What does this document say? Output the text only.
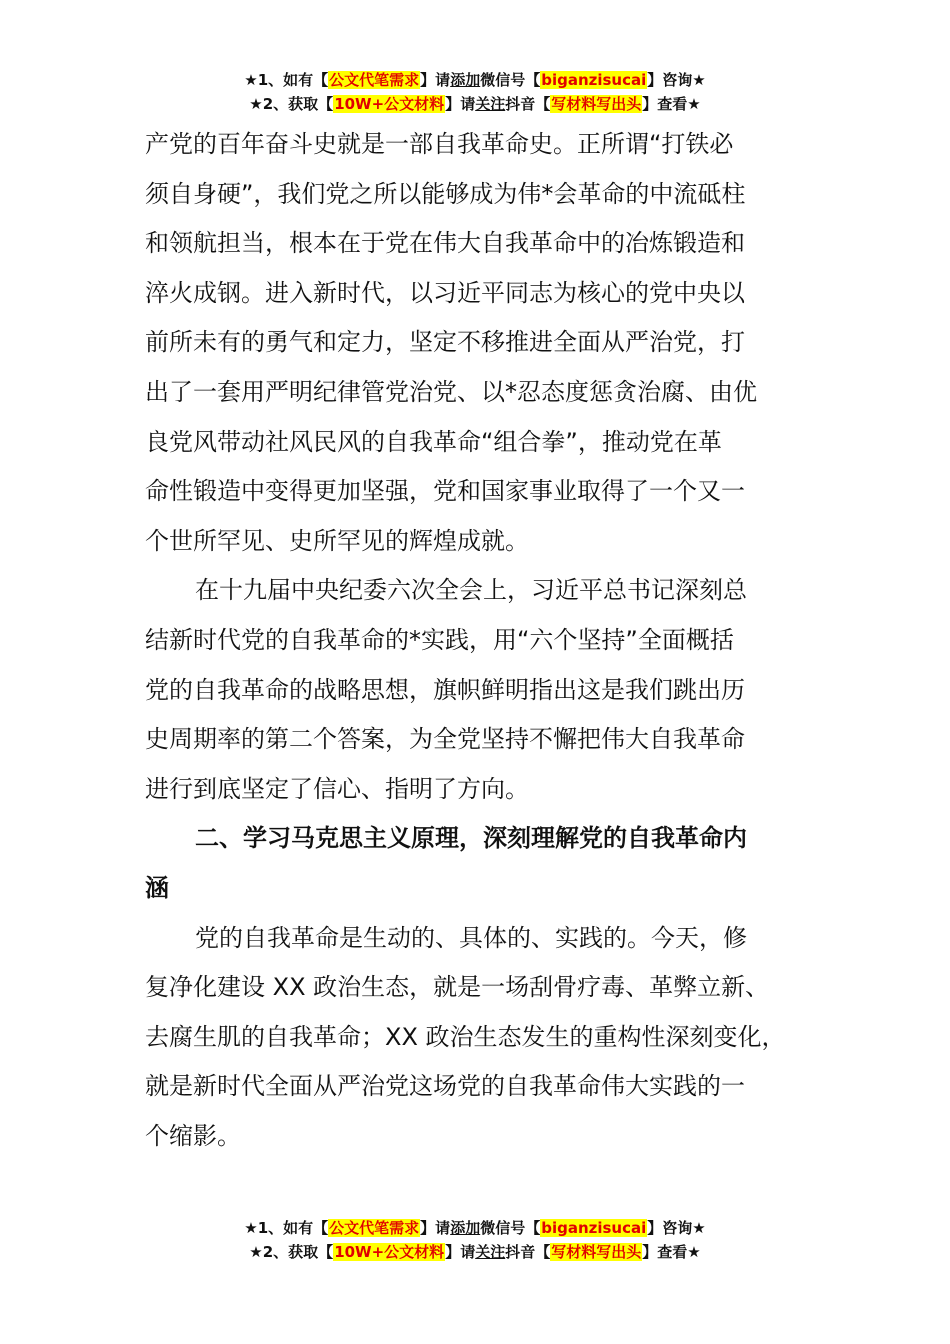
★1、如有【公文代笔需求】请添加微信号【biganzisucai】咨询★
★2、获取【10W+公文材料】请关注抖音【写材料写出头】查看★
产党的百年奋斗史就是一部自我革命史。正所谓“打铁必
须自身硬”，我们党之所以能够成为伟*会革命的中流砥柱
和领航担当，根本在于党在伟大自我革命中的冶炼锻造和
淬火成钢。进入新时代，以习近平同志为核心的党中央以
前所未有的勇气和定力，坚定不移推进全面从严治党，打
出了一套用严明纪律管党治党、以*忍态度惩贪治腐、由优
良党风带动社风民风的自我革命“组合拳”，推动党在革
命性锻造中变得更加坚强，党和国家事业取得了一个又一
个世所罕见、史所罕见的辉煌成就。
在十九届中央纪委六次全会上，习近平总书记深刻总
结新时代党的自我革命的*实践，用“六个坚持”全面概括
党的自我革命的战略思想，旗帜鲜明指出这是我们跳出历
史周期率的第二个答案，为全党坚持不懈把伟大自我革命
进行到底坚定了信心、指明了方向。
二、学习马克思主义原理，深刻理解党的自我革命内
涵
党的自我革命是生动的、具体的、实践的。今天，修
复净化建设 XX 政治生态，就是一场刮骨疗毒、革弊立新、
去腐生肌的自我革命；XX 政治生态发生的重构性深刻变化，
就是新时代全面从严治党这场党的自我革命伟大实践的一
个缩影。
★1、如有【公文代笔需求】请添加微信号【biganzisucai】咨询★
★2、获取【10W+公文材料】请关注抖音【写材料写出头】查看★
